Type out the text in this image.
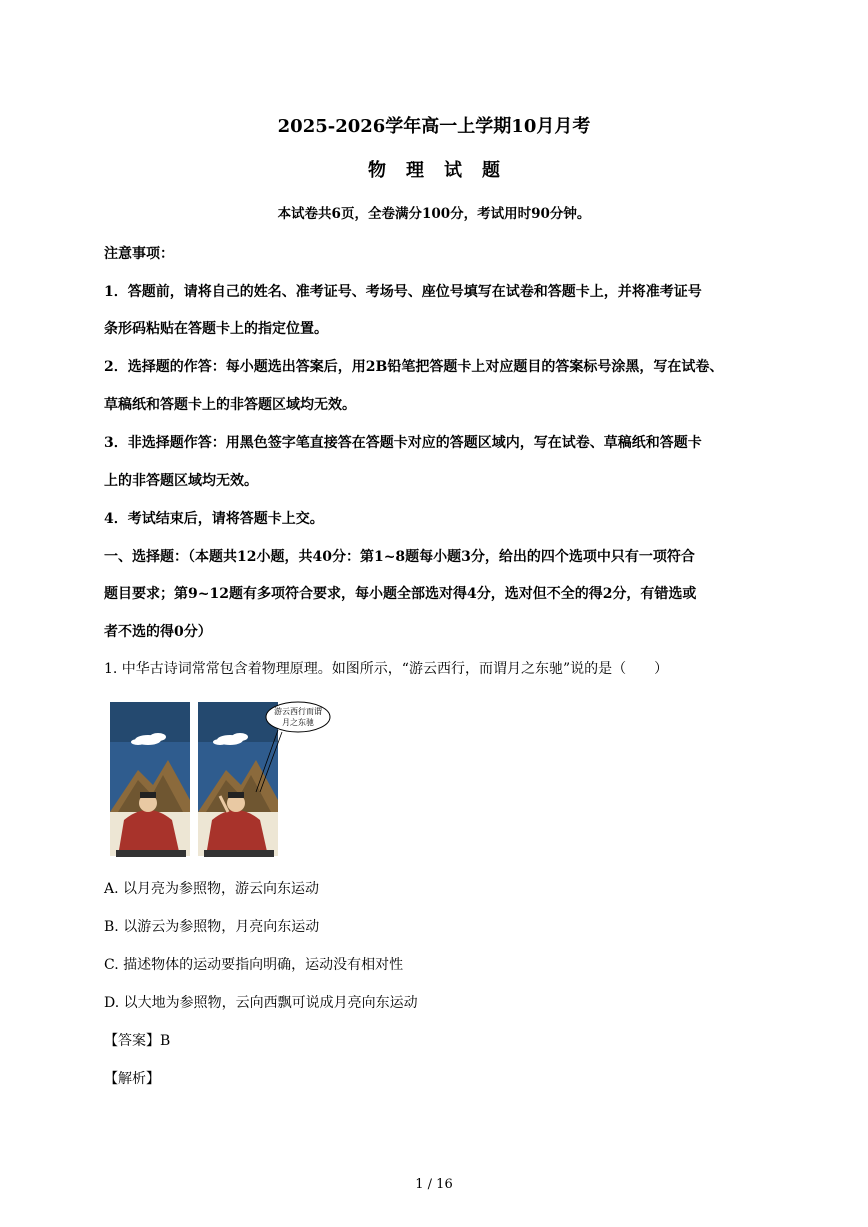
2025-2026学年高一上学期10月月考
物理试题
本试卷共6页，全卷满分100分，考试用时90分钟。
注意事项：
1．答题前，请将自己的姓名、准考证号、考场号、座位号填写在试卷和答题卡上，并将准考证号
条形码粘贴在答题卡上的指定位置。
2．选择题的作答：每小题选出答案后，用2B铅笔把答题卡上对应题目的答案标号涂黑，写在试卷、
草稿纸和答题卡上的非答题区域均无效。
3．非选择题作答：用黑色签字笔直接答在答题卡对应的答题区域内，写在试卷、草稿纸和答题卡
上的非答题区域均无效。
4．考试结束后，请将答题卡上交。
一、选择题：（本题共12小题，共40分：第1~8题每小题3分，给出的四个选项中只有一项符合
题目要求；第9~12题有多项符合要求，每小题全部选对得4分，选对但不全的得2分，有错选或
者不选的得0分）
1. 中华古诗词常常包含着物理原理。如图所示，“游云西行，而谓月之东驰”说的是（　　）
游云西行而谓
月之东驰
A. 以月亮为参照物，游云向东运动
B. 以游云为参照物，月亮向东运动
C. 描述物体的运动要指向明确，运动没有相对性
D. 以大地为参照物，云向西飘可说成月亮向东运动
【答案】B
【解析】
1 / 16
